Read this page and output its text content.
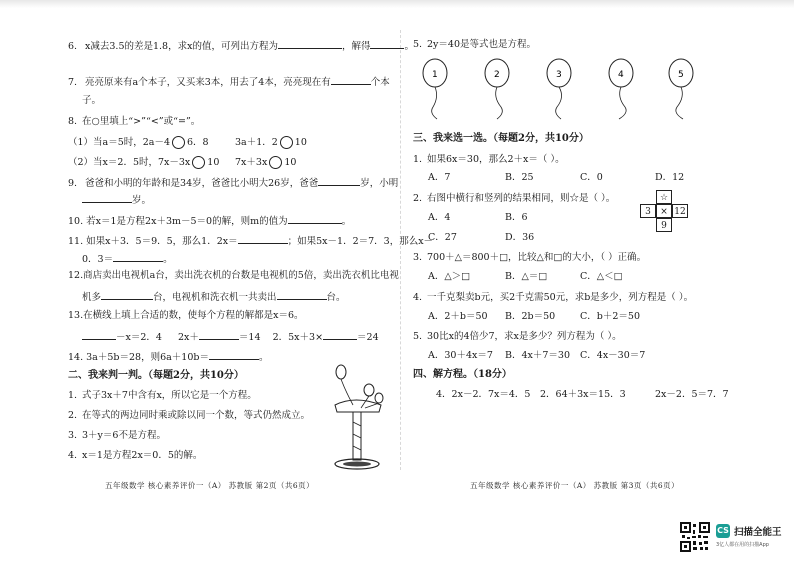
6. x减去3.5的差是1.8，求x的值，可列出方程为	，解得	。
7. 亮亮原来有a个本子，又买来3本，用去了4本，亮亮现在有	个本
子。
8. 在○里填上“>”“<”或“=”。
（1）当a＝5时，2a－4 6．8	3a＋1．2 10
（2）当x＝2．5时，7x－3x 10 7x＋3x 10
9. 爸爸和小明的年龄和是34岁，爸爸比小明大26岁，爸爸	岁，小明
岁。
10. 若x＝1是方程2x＋3m－5＝0的解，则m的值为	。
11. 如果x＋3．5＝9．5，那么1．2x＝	；如果5x－1．2＝7．3，那么x－
0．3＝	。
12.商店卖出电视机a台，卖出洗衣机的台数是电视机的5倍，卖出洗衣机比电视
机多	台，电视机和洗衣机一共卖出	台。
13.在横线上填上合适的数，使每个方程的解都是x＝6。
－x＝2．4 2x＋	＝14 2．5x＋3×	＝24
14. 3a＋5b＝28，则6a＋10b＝	。
二、我来判一判。（每题2分，共10分）
1. 式子3x＋7中含有x，所以它是一个方程。
2. 在等式的两边同时乘或除以同一个数，等式仍然成立。
3. 3＋y＝6不是方程。
4. x＝1是方程2x＝0．5的解。
五年级数学 核心素养评价一（A） 苏教版 第2页（共6页）
5. 2y＝40是等式也是方程。
1	2	3	4	5
三、我来选一选。（每题2分，共10分）
1. 如果6x＝30，那么2＋x＝（ ）。
A．7	B．25	C．0	D．12
2. 右图中横行和竖列的结果相同，则☆是（ ）。
A．4	B．6
C．27	D．36
☆
3	× 12
9
3. 700＋△＝800＋□，比较△和□的大小，（ ）正确。
A．△＞□	B．△＝□	C．△＜□
4. 一千克梨卖b元，买2千克需50元，求b是多少，列方程是（ ）。
A．2＋b＝50 B．2b＝50	C．b＋2＝50
5. 30比x的4倍少7，求x是多少？列方程为（ ）。
A．30＋4x＝7 B．4x＋7＝30 C．4x－30＝7
四、解方程。（18分）
4．2x－2．7x＝4．5 2．64＋3x＝15．3	2x－2．5＝7．7
五年级数学 核心素养评价一（A） 苏教版 第3页（共6页）
CS 扫描全能王
3亿人都在用的扫描App
